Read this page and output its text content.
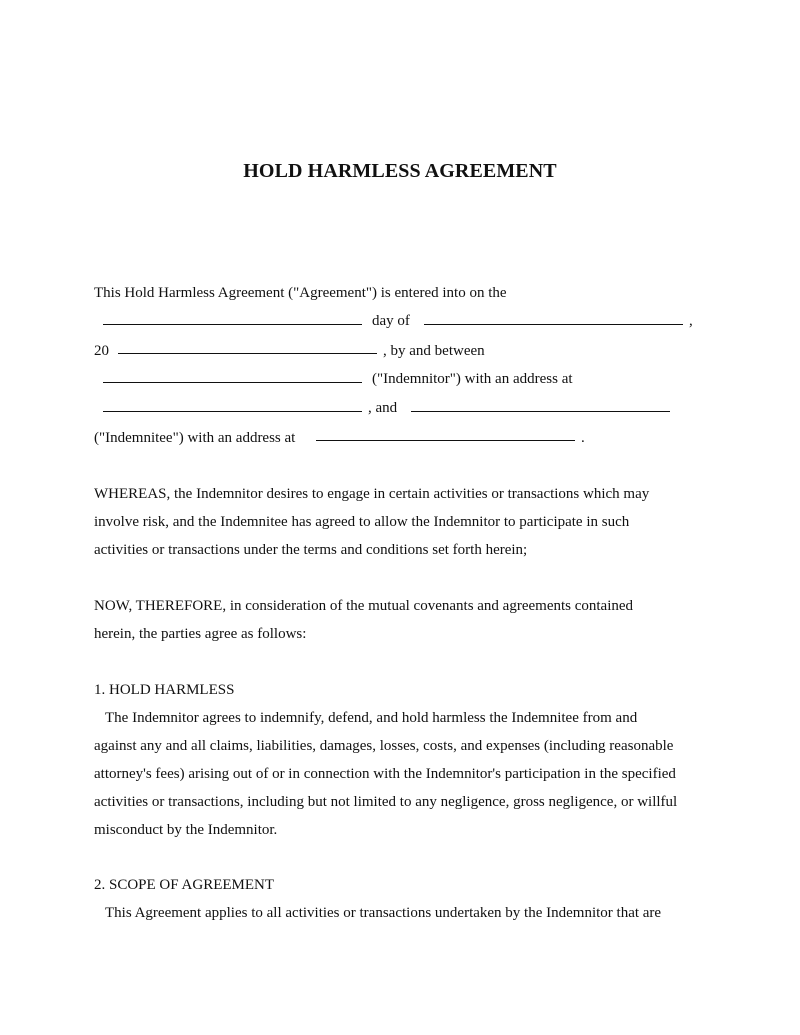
HOLD HARMLESS AGREEMENT
This Hold Harmless Agreement ("Agreement") is entered into on the
day of	,
20	, by and between
("Indemnitor") with an address at
, and
("Indemnitee") with an address at	.
WHEREAS, the Indemnitor desires to engage in certain activities or transactions which may
involve risk, and the Indemnitee has agreed to allow the Indemnitor to participate in such
activities or transactions under the terms and conditions set forth herein;
NOW, THEREFORE, in consideration of the mutual covenants and agreements contained
herein, the parties agree as follows:
1. HOLD HARMLESS
The Indemnitor agrees to indemnify, defend, and hold harmless the Indemnitee from and
against any and all claims, liabilities, damages, losses, costs, and expenses (including reasonable
attorney's fees) arising out of or in connection with the Indemnitor's participation in the specified
activities or transactions, including but not limited to any negligence, gross negligence, or willful
misconduct by the Indemnitor.
2. SCOPE OF AGREEMENT
This Agreement applies to all activities or transactions undertaken by the Indemnitor that are
